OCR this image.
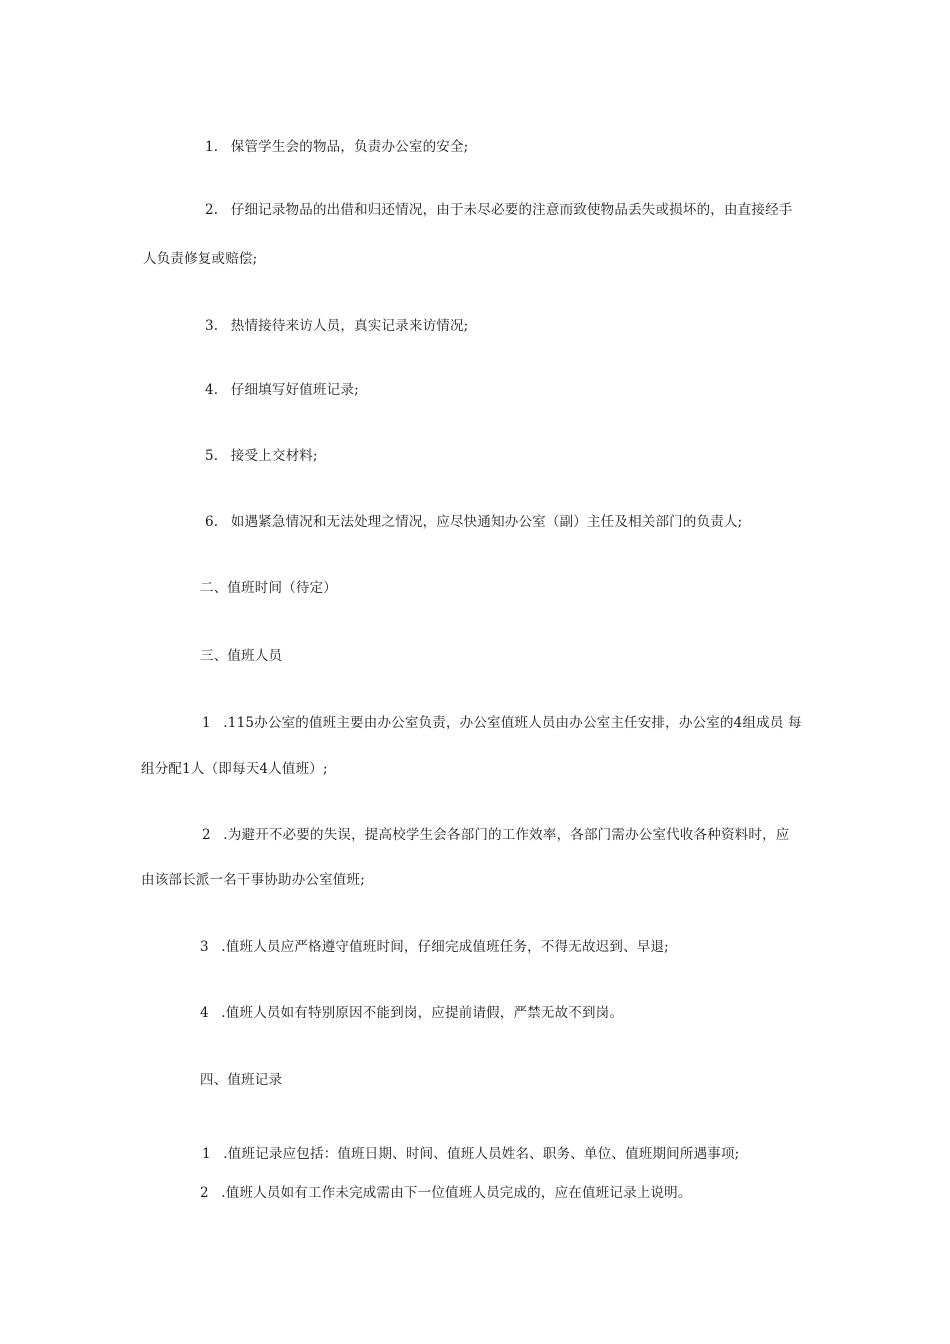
1. 保管学生会的物品，负责办公室的安全;
2. 仔细记录物品的出借和归还情况，由于未尽必要的注意而致使物品丢失或损坏的，由直接经手
人负责修复或赔偿;
3. 热情接待来访人员，真实记录来访情况;
4. 仔细填写好值班记录;
5. 接受上交材料;
6. 如遇紧急情况和无法处理之情况，应尽快通知办公室（副）主任及相关部门的负责人;
二、值班时间（待定）
三、值班人员
1 .115办公室的值班主要由办公室负责，办公室值班人员由办公室主任安排，办公室的4组成员 每
组分配1人（即每天4人值班）;
2 .为避开不必要的失误，提高校学生会各部门的工作效率，各部门需办公室代收各种资料时，应
由该部长派一名干事协助办公室值班;
3 .值班人员应严格遵守值班时间，仔细完成值班任务，不得无故迟到、早退;
4 .值班人员如有特别原因不能到岗，应提前请假，严禁无故不到岗。
四、值班记录
1 .值班记录应包括：值班日期、时间、值班人员姓名、职务、单位、值班期间所遇事项;
2 .值班人员如有工作未完成需由下一位值班人员完成的，应在值班记录上说明。
